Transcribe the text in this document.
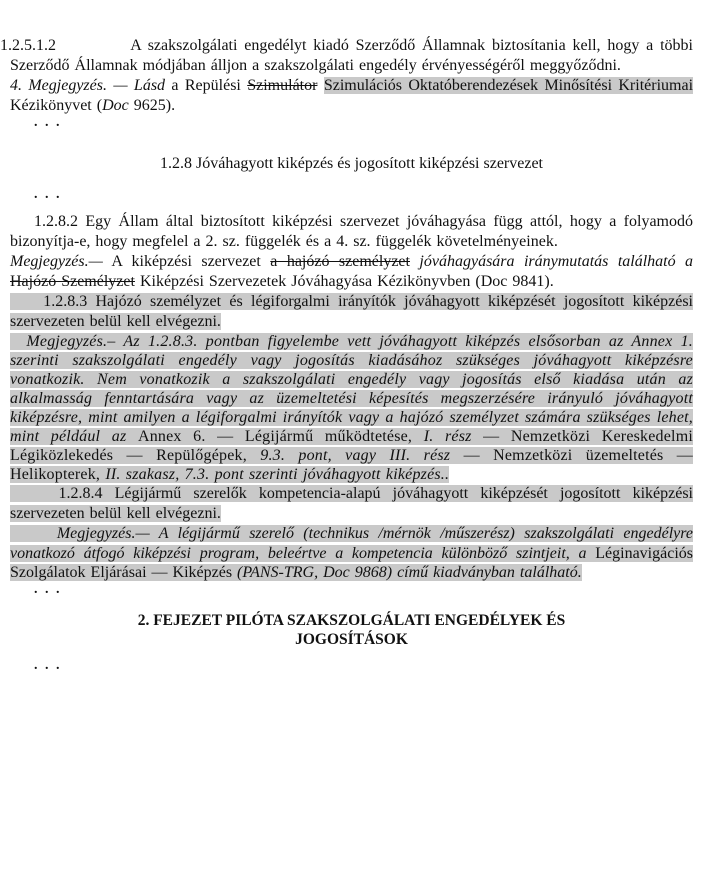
1.2.5.1.2           A szakszolgálati engedélyt kiadó Szerződő Államnak biztosítania kell, hogy a többi Szerződő Államnak módjában álljon a szakszolgálati engedély érvényességéről meggyőződni.

4. Megjegyzés. — Lásd a Repülési Szimulátor Szimulációs Oktatóberendezések Minősítési Kritériumai Kézikönyvet (Doc 9625).

. . .
1.2.8 Jóváhagyott kiképzés és jogosított kiképzési szervezet
. . .

1.2.8.2 Egy Állam által biztosított kiképzési szervezet jóváhagyása függ attól, hogy a folyamodó bizonyítja-e, hogy megfelel a 2. sz. függelék és a 4. sz. függelék követelményeinek.

Megjegyzés.— A kiképzési szervezet a hajózó személyzet jóváhagyására iránymutatás található a Hajózó Személyzet Kiképzési Szervezetek Jóváhagyása Kézikönyvben (Doc 9841).

1.2.8.3 Hajózó személyzet és légiforgalmi irányítók jóváhagyott kiképzését jogosított kiképzési szervezeten belül kell elvégezni.

Megjegyzés.– Az 1.2.8.3. pontban figyelembe vett jóváhagyott kiképzés elsősorban az Annex 1. szerinti szakszolgálati engedély vagy jogosítás kiadásához szükséges jóváhagyott kiképzésre vonatkozik. Nem vonatkozik a szakszolgálati engedély vagy jogosítás első kiadása után az alkalmasság fenntartására vagy az üzemeltetési képesítés megszerzésére irányuló jóváhagyott kiképzésre, mint amilyen a légiforgalmi irányítók vagy a hajózó személyzet számára szükséges lehet, mint például az Annex 6. — Légijármű működtetése, I. rész — Nemzetközi Kereskedelmi Légiközlekedés — Repülőgépek, 9.3. pont, vagy III. rész — Nemzetközi üzemeltetés — Helikopterek, II. szakasz, 7.3. pont szerinti jóváhagyott kiképzés..

1.2.8.4 Légijármű szerelők kompetencia-alapú jóváhagyott kiképzését jogosított kiképzési szervezeten belül kell elvégezni.

Megjegyzés.— A légijármű szerelő (technikus /mérnök /műszerész) szakszolgálati engedélyre vonatkozó átfogó kiképzési program, beleértve a kompetencia különböző szintjeit, a Léginavigációs Szolgálatok Eljárásai — Kiképzés (PANS-TRG, Doc 9868) című kiadványban található.

. . .
2. FEJEZET PILÓTA SZAKSZOLGÁLATI ENGEDÉLYEK ÉS JOGOSÍTÁSOK
. . .
